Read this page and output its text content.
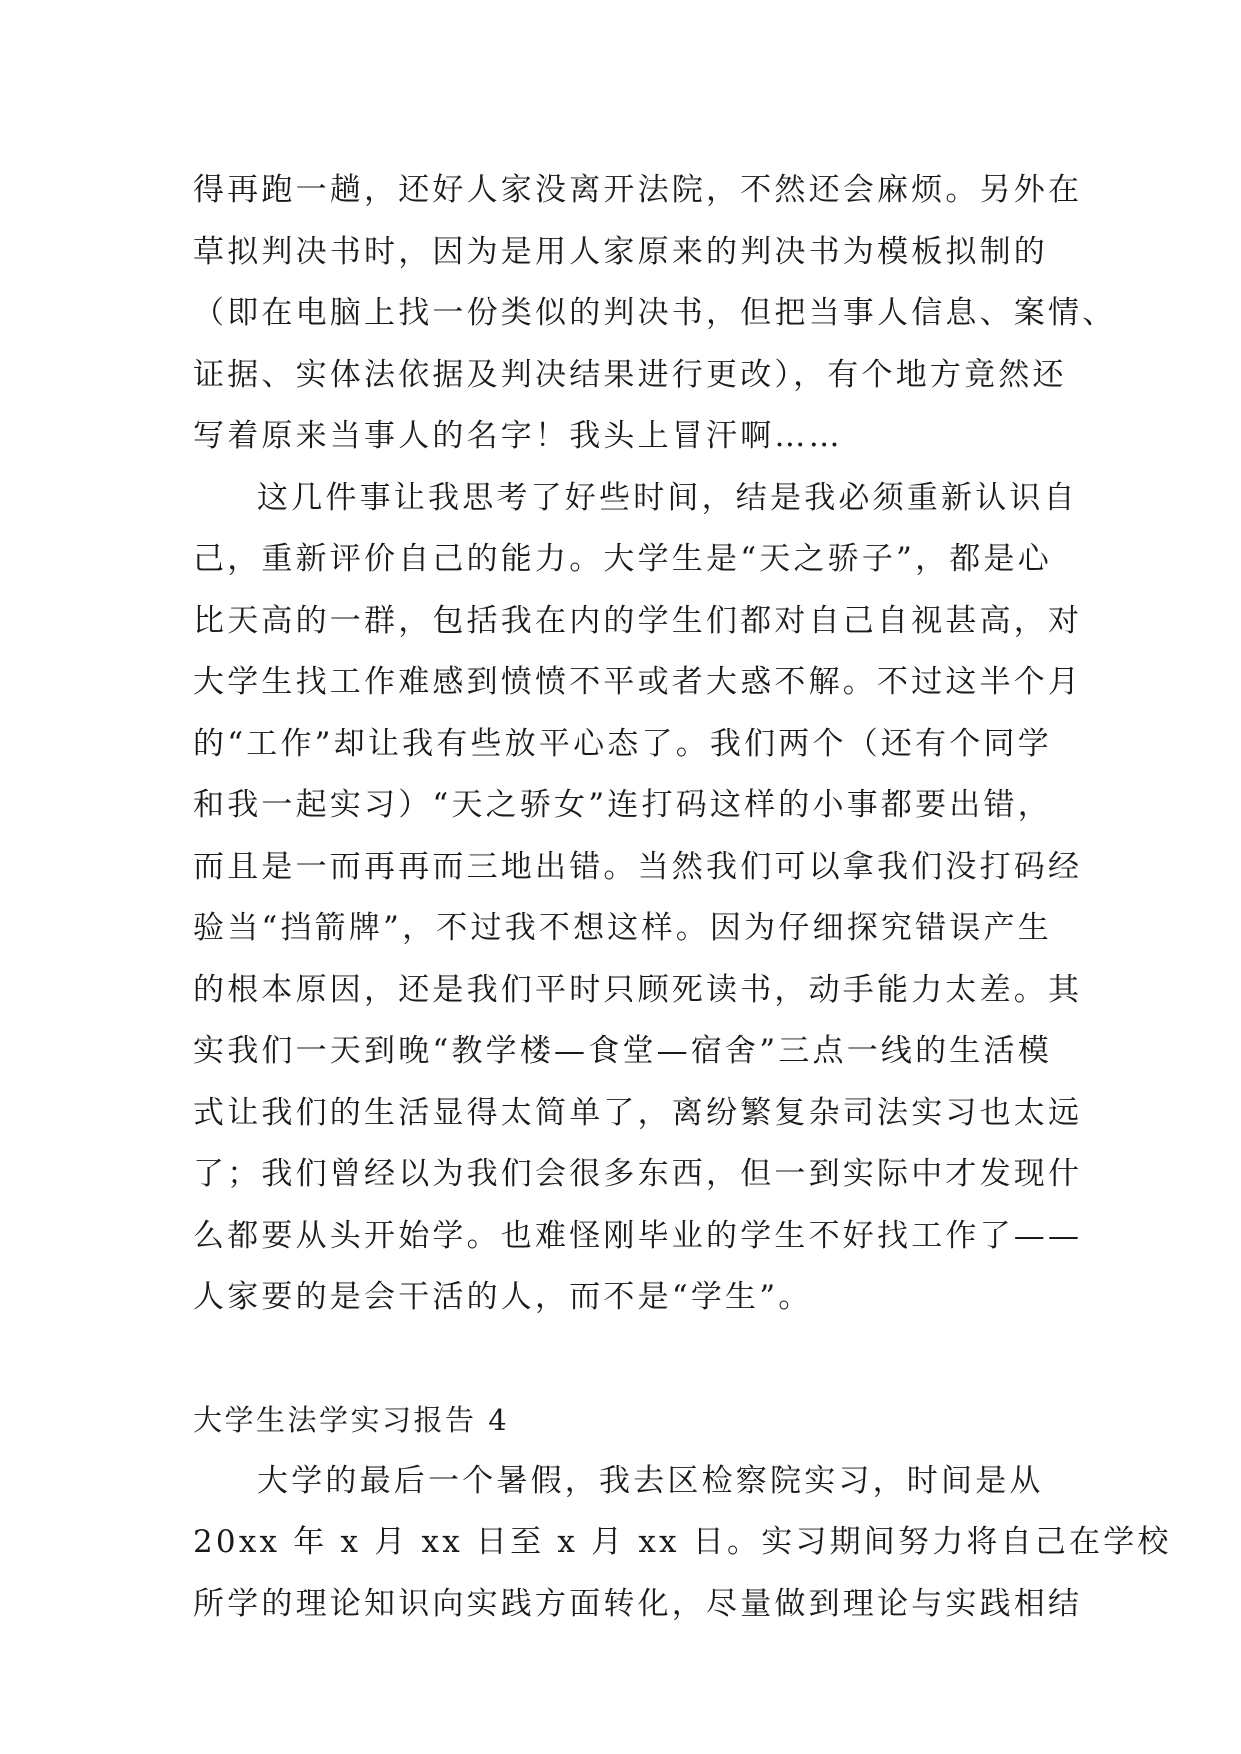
得再跑一趟，还好人家没离开法院，不然还会麻烦。另外在
草拟判决书时，因为是用人家原来的判决书为模板拟制的
（即在电脑上找一份类似的判决书，但把当事人信息、案情、
证据、实体法依据及判决结果进行更改），有个地方竟然还
写着原来当事人的名字！我头上冒汗啊……
这几件事让我思考了好些时间，结是我必须重新认识自
己，重新评价自己的能力。大学生是“天之骄子”，都是心
比天高的一群，包括我在内的学生们都对自己自视甚高，对
大学生找工作难感到愤愤不平或者大惑不解。不过这半个月
的“工作”却让我有些放平心态了。我们两个（还有个同学
和我一起实习）“天之骄女”连打码这样的小事都要出错，
而且是一而再再而三地出错。当然我们可以拿我们没打码经
验当“挡箭牌”，不过我不想这样。因为仔细探究错误产生
的根本原因，还是我们平时只顾死读书，动手能力太差。其
实我们一天到晚“教学楼—食堂—宿舍”三点一线的生活模
式让我们的生活显得太简单了，离纷繁复杂司法实习也太远
了；我们曾经以为我们会很多东西，但一到实际中才发现什
么都要从头开始学。也难怪刚毕业的学生不好找工作了——
人家要的是会干活的人，而不是“学生”。
大学生法学实习报告 4
大学的最后一个暑假，我去区检察院实习，时间是从
20xx 年 x 月 xx 日至 x 月 xx 日。实习期间努力将自己在学校
所学的理论知识向实践方面转化，尽量做到理论与实践相结
